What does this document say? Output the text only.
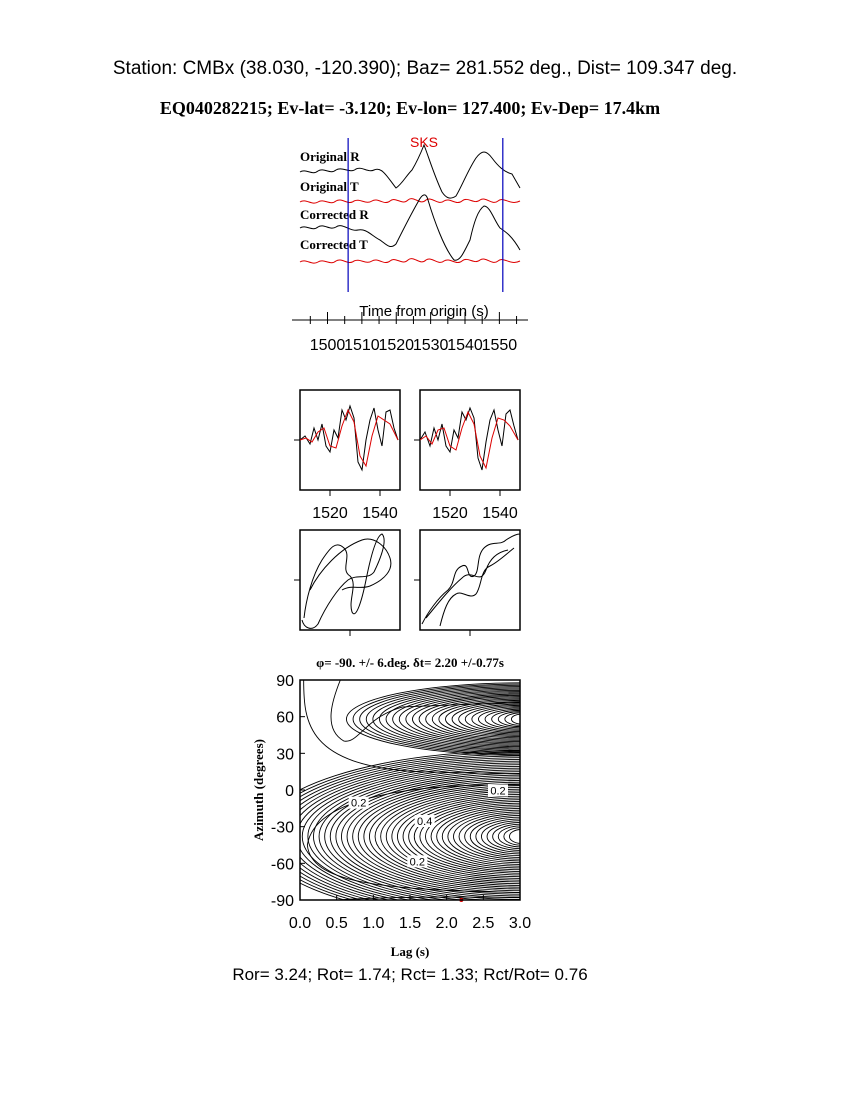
Station: CMBx (38.030, -120.390); Baz= 281.552 deg., Dist= 109.347 deg.
EQ040282215; Ev-lat= -3.120; Ev-lon= 127.400; Ev-Dep= 17.4km
Original R
Original T
Corrected R
Corrected T
SKS
1500
1510
1520
1530
1540
1550
Time from origin (s)
1520 1540 1520 1540
φ= -90. +/- 6.deg. δt= 2.20 +/-0.77s
0.2
0.4
0.2
0.2
0.0 0.5 1.0 1.5 2.0 2.5 3.0
90
60
30
0
-30
-60
-90
Lag (s)
Azimuth (degrees)
Ror= 3.24; Rot= 1.74; Rct= 1.33; Rct/Rot= 0.76
